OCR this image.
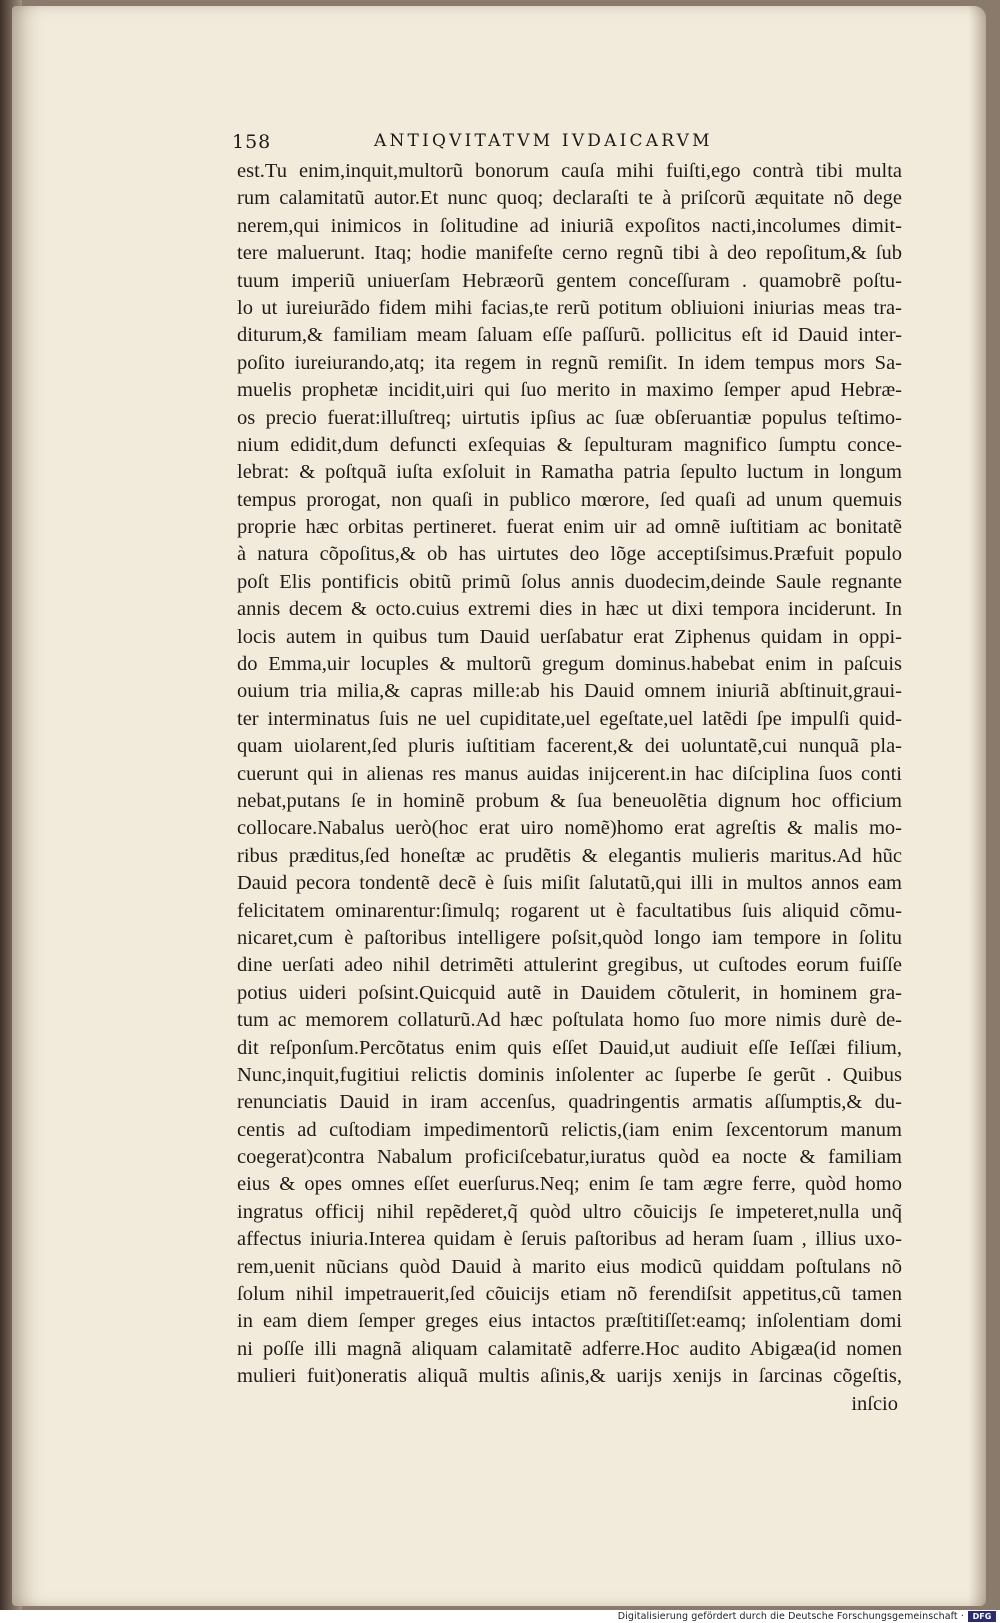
158	ANTIQVITATVM IVDAICARVM
est.Tu enim,inquit,multorũ bonorum cauſa mihi fuiſti,ego contrà tibi multa
rum calamitatũ autor.Et nunc quoq; declaraſti te à priſcorũ æquitate nõ dege
nerem,qui inimicos in ſolitudine ad iniuriã expoſitos nacti,incolumes dimit-
tere maluerunt. Itaq; hodie manifeſte cerno regnũ tibi à deo repoſitum,& ſub
tuum imperiũ uniuerſam Hebræorũ gentem conceſſuram . quamobrẽ poſtu-
lo ut iureiurãdo fidem mihi facias,te rerũ potitum obliuioni iniurias meas tra-
diturum,& familiam meam ſaluam eſſe paſſurũ. pollicitus eſt id Dauid inter-
poſito iureiurando,atq; ita regem in regnũ remiſit. In idem tempus mors Sa-
muelis prophetæ incidit,uiri qui ſuo merito in maximo ſemper apud Hebræ-
os precio fuerat:illuſtreq; uirtutis ipſius ac ſuæ obſeruantiæ populus teſtimo-
nium edidit,dum defuncti exſequias & ſepulturam magnifico ſumptu conce-
lebrat: & poſtquã iuſta exſoluit in Ramatha patria ſepulto luctum in longum
tempus prorogat, non quaſi in publico mœrore, ſed quaſi ad unum quemuis
proprie hæc orbitas pertineret. fuerat enim uir ad omnẽ iuſtitiam ac bonitatẽ
à natura cõpoſitus,& ob has uirtutes deo lõge acceptiſsimus.Præfuit populo
poſt Elis pontificis obitũ primũ ſolus annis duodecim,deinde Saule regnante
annis decem & octo.cuius extremi dies in hæc ut dixi tempora inciderunt. In
locis autem in quibus tum Dauid uerſabatur erat Ziphenus quidam in oppi-
do Emma,uir locuples & multorũ gregum dominus.habebat enim in paſcuis
ouium tria milia,& capras mille:ab his Dauid omnem iniuriã abſtinuit,graui-
ter interminatus ſuis ne uel cupiditate,uel egeſtate,uel latẽdi ſpe impulſi quid-
quam uiolarent,ſed pluris iuſtitiam facerent,& dei uoluntatẽ,cui nunquã pla-
cuerunt qui in alienas res manus auidas inijcerent.in hac diſciplina ſuos conti
nebat,putans ſe in hominẽ probum & ſua beneuolẽtia dignum hoc officium
collocare.Nabalus uerò(hoc erat uiro nomẽ)homo erat agreſtis & malis mo-
ribus præditus,ſed honeſtæ ac prudẽtis & elegantis mulieris maritus.Ad hũc
Dauid pecora tondentẽ decẽ è ſuis miſit ſalutatũ,qui illi in multos annos eam
felicitatem ominarentur:ſimulq; rogarent ut è facultatibus ſuis aliquid cõmu-
nicaret,cum è paſtoribus intelligere poſsit,quòd longo iam tempore in ſolitu
dine uerſati adeo nihil detrimẽti attulerint gregibus, ut cuſtodes eorum fuiſſe
potius uideri poſsint.Quicquid autẽ in Dauidem cõtulerit, in hominem gra-
tum ac memorem collaturũ.Ad hæc poſtulata homo ſuo more nimis durè de-
dit reſponſum.Percõtatus enim quis eſſet Dauid,ut audiuit eſſe Ieſſæi filium,
Nunc,inquit,fugitiui relictis dominis inſolenter ac ſuperbe ſe gerũt . Quibus
renunciatis Dauid in iram accenſus, quadringentis armatis aſſumptis,& du-
centis ad cuſtodiam impedimentorũ relictis,(iam enim ſexcentorum manum
coegerat)contra Nabalum proficiſcebatur,iuratus quòd ea nocte & familiam
eius & opes omnes eſſet euerſurus.Neq; enim ſe tam ægre ferre, quòd homo
ingratus officij nihil repẽderet,q̃ quòd ultro cõuicijs ſe impeteret,nulla unq̃
affectus iniuria.Interea quidam è ſeruis paſtoribus ad heram ſuam , illius uxo-
rem,uenit nũcians quòd Dauid à marito eius modicũ quiddam poſtulans nõ
ſolum nihil impetrauerit,ſed cõuicijs etiam nõ ferendiſsit appetitus,cũ tamen
in eam diem ſemper greges eius intactos præſtitiſſet:eamq; inſolentiam domi
ni poſſe illi magnã aliquam calamitatẽ adferre.Hoc audito Abigæa(id nomen
mulieri fuit)oneratis aliquã multis aſinis,& uarijs xenijs in ſarcinas cõgeſtis,
inſcio
Digitalisierung gefördert durch die Deutsche Forschungsgemeinschaft ·	DFG
